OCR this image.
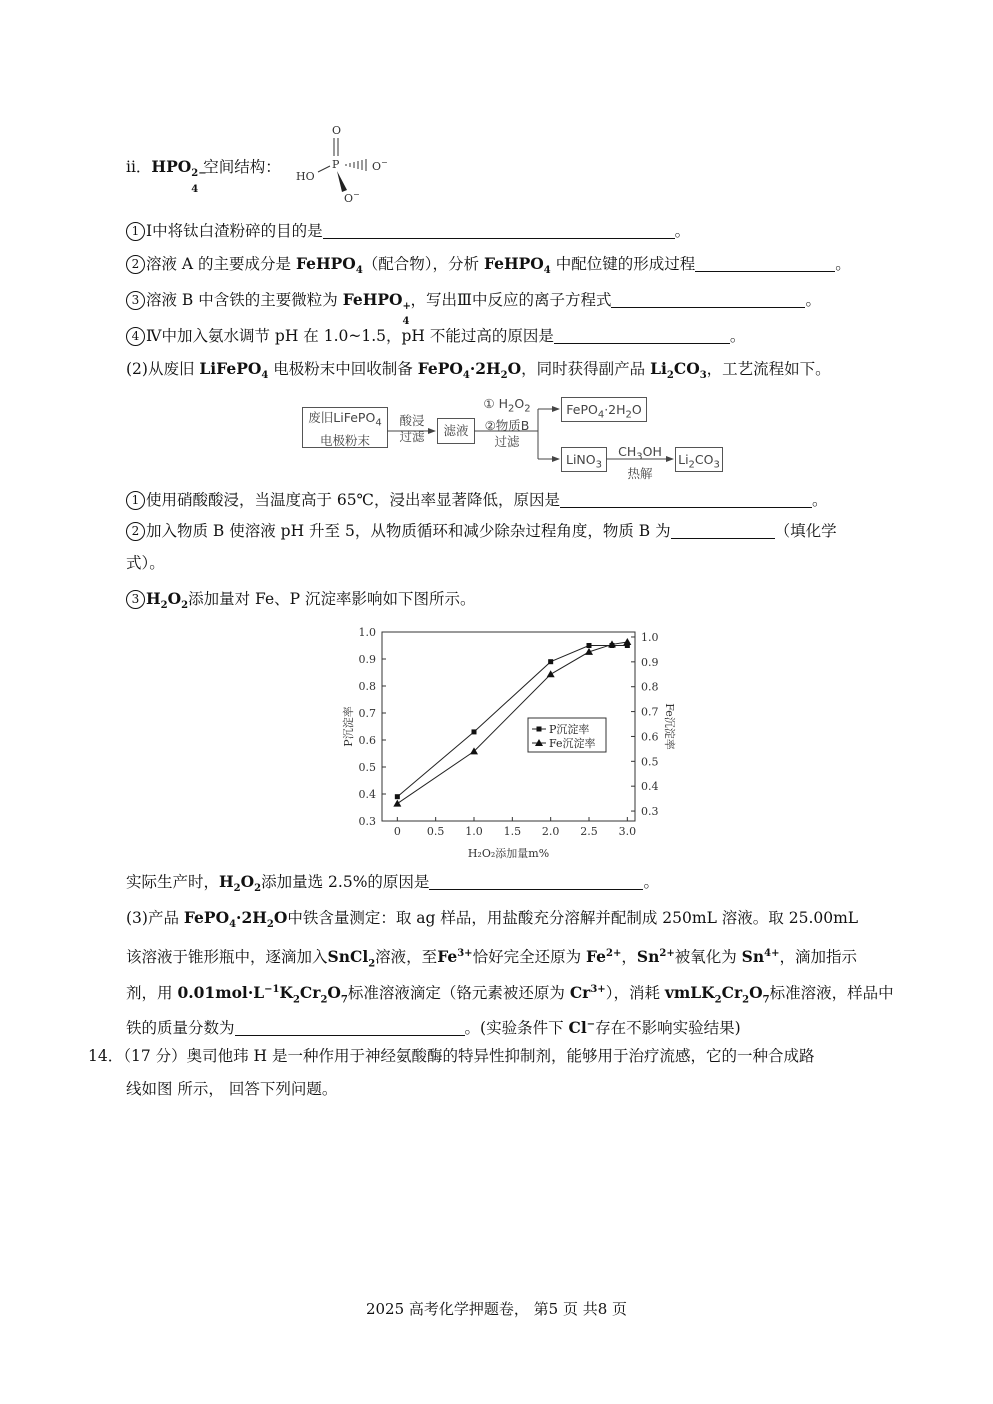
ii．HPO 2−
4
空间结构：
O
P
HO
O−
O−
1 Ⅰ中将钛白渣粉碎的目的是	。
2 溶液 A 的主要成分是 FeHPO$_4$（配合物），分析 FeHPO$_4$ 中配位键的形成过程	。
3 溶液 B 中含铁的主要微粒为 FeHPO +
4
，写出Ⅲ中反应的离子方程式	。
4 Ⅳ中加入氨水调节 pH 在 1.0~1.5，pH 不能过高的原因是	。
(2)从废旧 LiFePO$_4$ 电极粉末中回收制备 $FePO_4\cdot 2H_2O$，同时获得副产品 $Li_2CO_3$，工艺流程如下。
废旧LiFePO$_4$
电极粉末
酸浸
过滤	滤液
① $H_2O_2$
②物质B
过滤
$FePO_4\cdot 2H_2O$
LiNO$_3$
$CH_3OH$
热解
$Li_2CO_3$
1 使用硝酸酸浸，当温度高于 65℃，浸出率显著降低，原因是	。
2 加入物质 B 使溶液 pH 升至 5，从物质循环和减少除杂过程角度，物质 B 为	（填化学
式）。
3 $H_2O_2$添加量对 Fe、P 沉淀率影响如下图所示。
0 0.5 1.0 1.5 2.0 2.5 3.0
0.3
0.4
0.5
0.6
0.7
0.8
0.9
1.0
0.3
0.4
0.5
0.6
0.7
0.8
0.9
1.0
H₂O₂添加量m%
P沉淀率	Fe沉淀率
P沉淀率
Fe沉淀率
实际生产时，$H_2O_2$添加量选 2.5%的原因是	。
(3)产品 $FePO_4\cdot 2H_2O$中铁含量测定：取 ag 样品，用盐酸充分溶解并配制成 250mL 溶液。取 25.00mL
该溶液于锥形瓶中，逐滴加入SnCl$_2$溶液，至$Fe^{3+}$恰好完全还原为 $Fe^{2+}$，$Sn^{2+}$被氧化为 $Sn^{4+}$，滴加指示
剂，用 $0.01mol\cdot L^{-1}K_2Cr_2O_7$标准溶液滴定（铬元素被还原为 $Cr^{3+}$），消耗 $vmLK_2Cr_2O_7$标准溶液，样品中
铁的质量分数为	。(实验条件下 Cl−存在不影响实验结果)
14．（17 分）奥司他玮 H 是一种作用于神经氨酸酶的特异性抑制剂，能够用于治疗流感，它的一种合成路
线如图 所示， 回答下列问题。
2025 高考化学押题卷， 第5 页 共8 页
